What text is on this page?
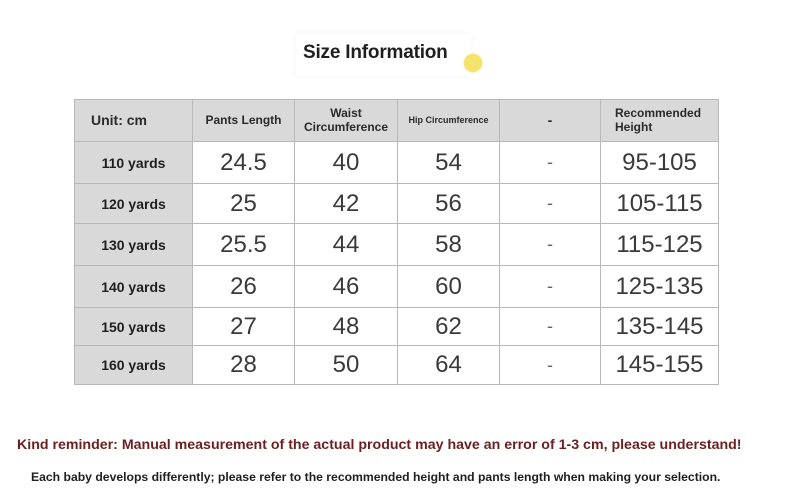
Size Information
Unit: cm	Pants Length	Waist Circumference	Hip Circumference	-	Recommended Height
110 yards	24.5	40	54	-	95-105
120 yards	25	42	56	-	105-115
130 yards	25.5	44	58	-	115-125
140 yards	26	46	60	-	125-135
150 yards	27	48	62	-	135-145
160 yards	28	50	64	-	145-155
Kind reminder: Manual measurement of the actual product may have an error of 1-3 cm, please understand!
Each baby develops differently; please refer to the recommended height and pants length when making your selection.
